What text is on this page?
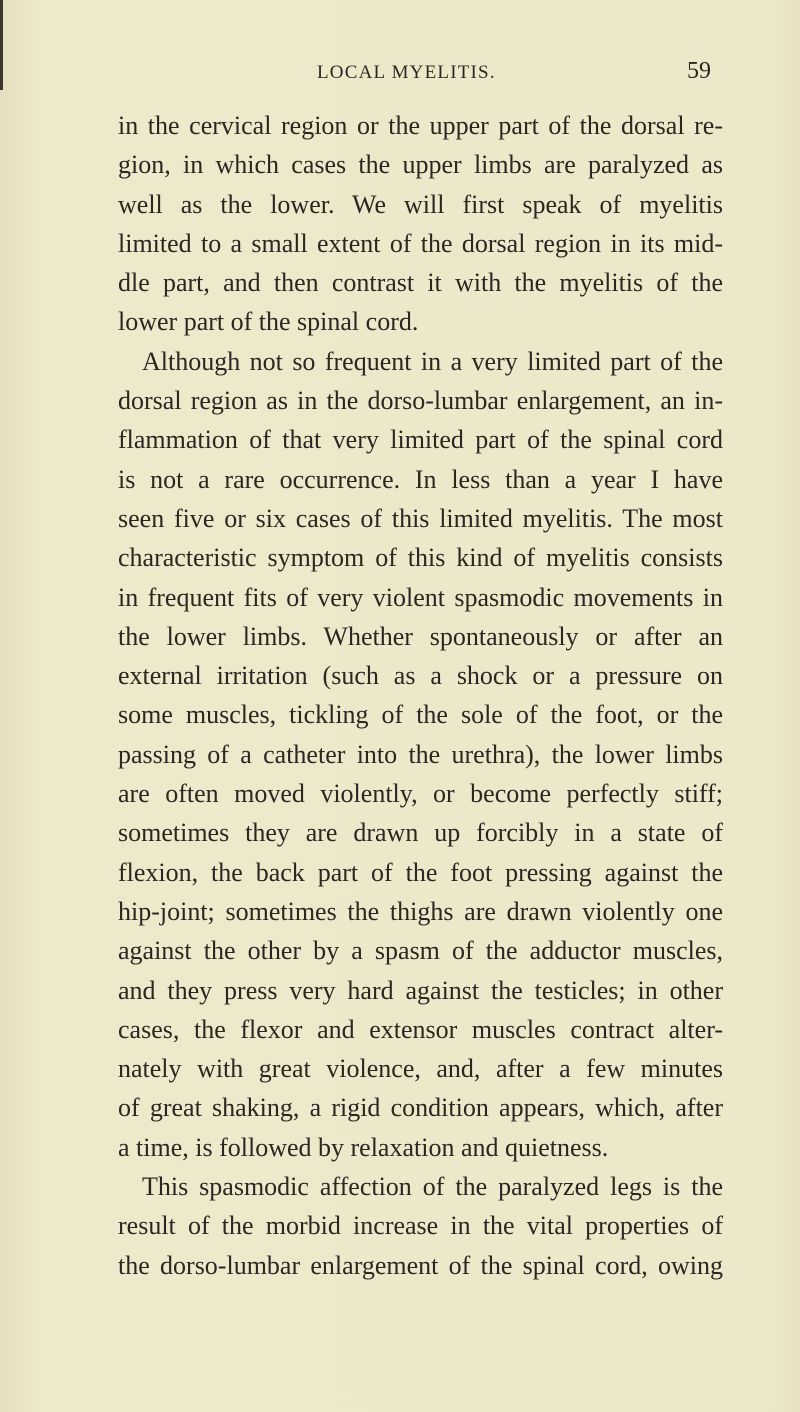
LOCAL MYELITIS.	59
in the cervical region or the upper part of the dorsal re-
gion, in which cases the upper limbs are paralyzed as
well as the lower. We will first speak of myelitis
limited to a small extent of the dorsal region in its mid-
dle part, and then contrast it with the myelitis of the
lower part of the spinal cord.
Although not so frequent in a very limited part of the
dorsal region as in the dorso-lumbar enlargement, an in-
flammation of that very limited part of the spinal cord
is not a rare occurrence. In less than a year I have
seen five or six cases of this limited myelitis. The most
characteristic symptom of this kind of myelitis consists
in frequent fits of very violent spasmodic movements in
the lower limbs. Whether spontaneously or after an
external irritation (such as a shock or a pressure on
some muscles, tickling of the sole of the foot, or the
passing of a catheter into the urethra), the lower limbs
are often moved violently, or become perfectly stiff;
sometimes they are drawn up forcibly in a state of
flexion, the back part of the foot pressing against the
hip-joint; sometimes the thighs are drawn violently one
against the other by a spasm of the adductor muscles,
and they press very hard against the testicles; in other
cases, the flexor and extensor muscles contract alter-
nately with great violence, and, after a few minutes
of great shaking, a rigid condition appears, which, after
a time, is followed by relaxation and quietness.
This spasmodic affection of the paralyzed legs is the
result of the morbid increase in the vital properties of
the dorso-lumbar enlargement of the spinal cord, owing
